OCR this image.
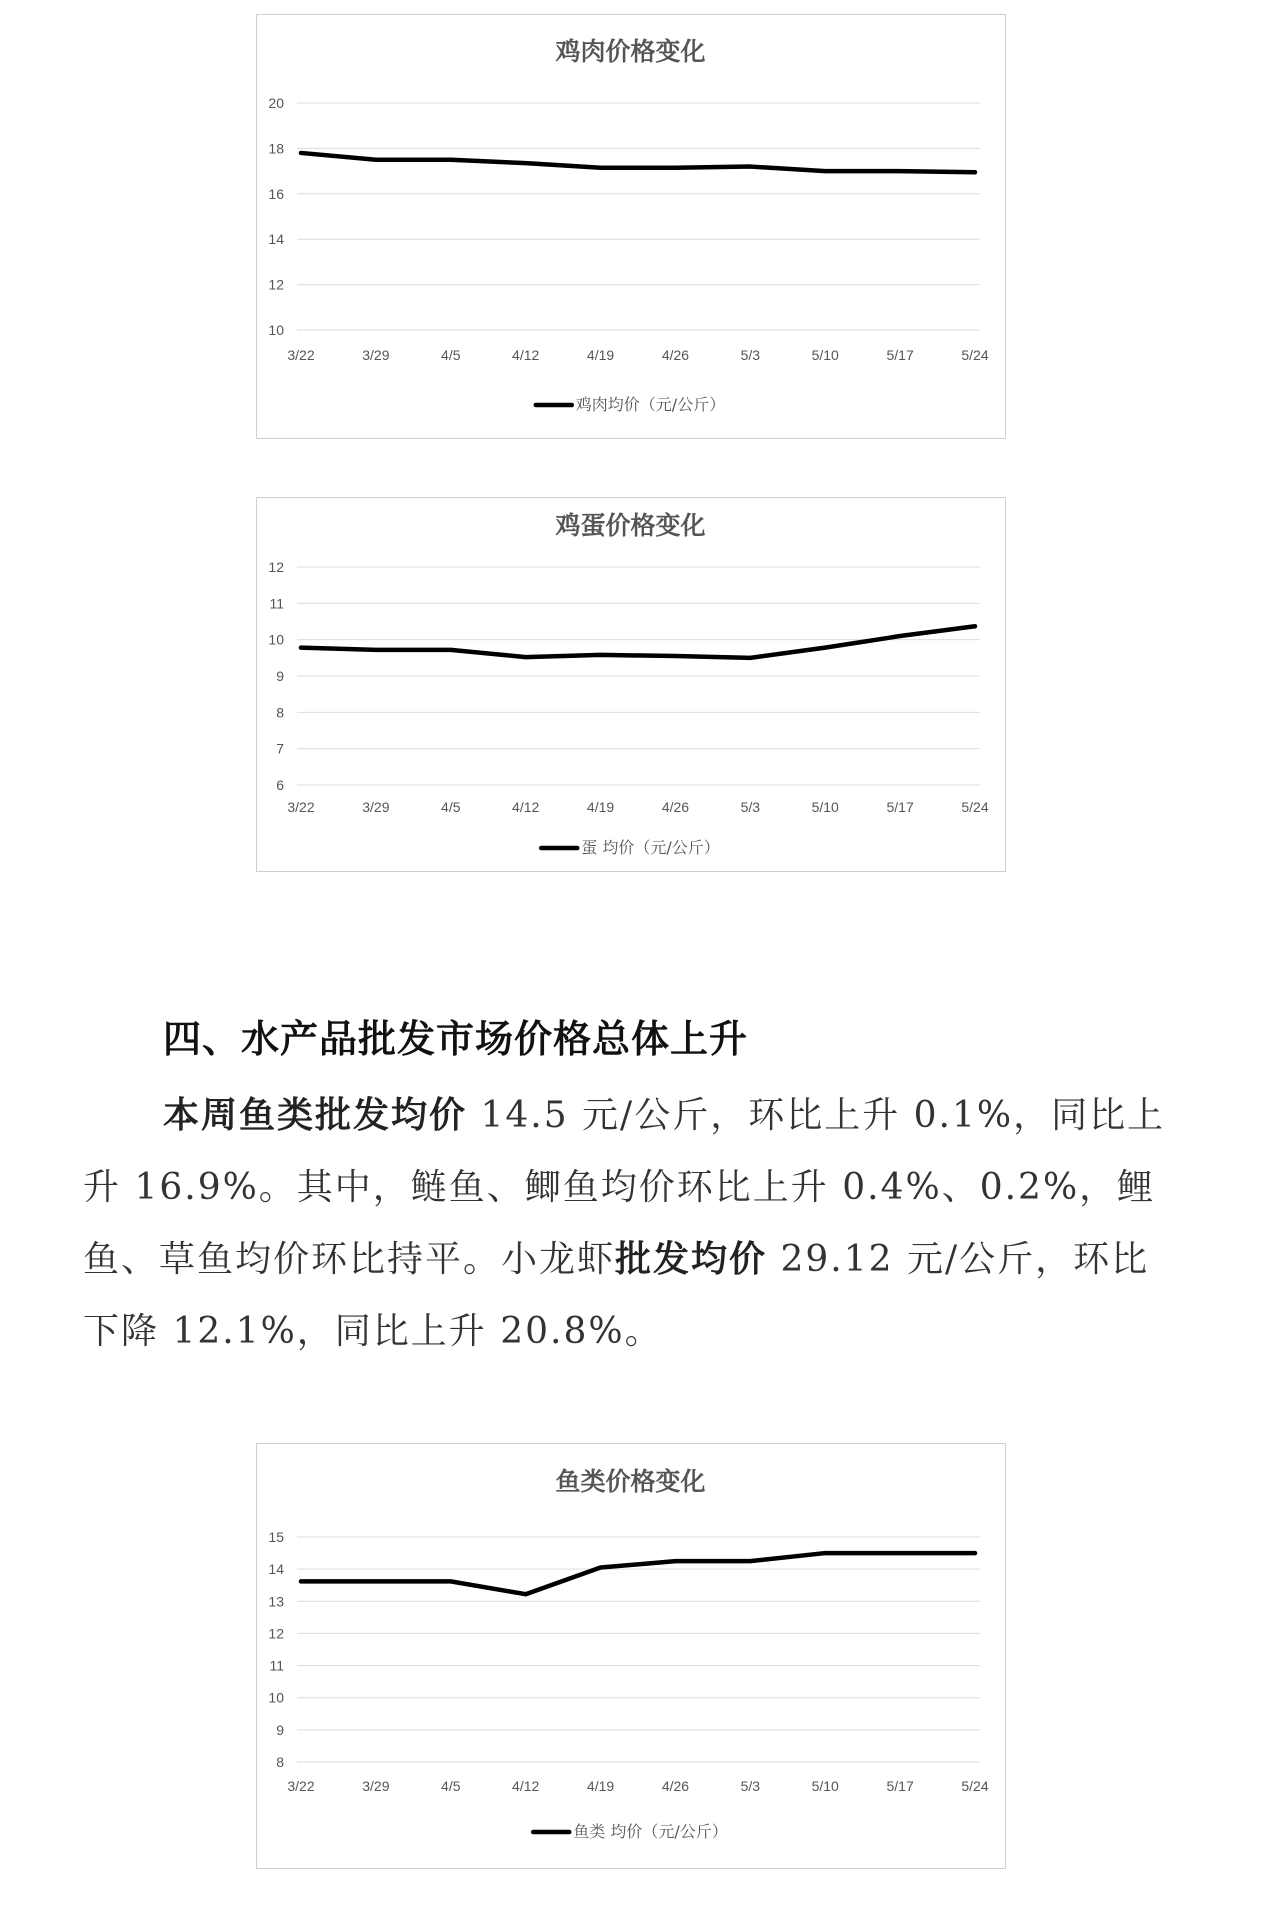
鸡肉价格变化
10
12
14
16
18
20
3/22	3/29	4/5	4/12	4/19	4/26	5/3	5/10	5/17	5/24
鸡肉均价（元/公斤）
鸡蛋价格变化
6
7
8
9
10
11
12
3/22	3/29	4/5	4/12	4/19	4/26	5/3	5/10	5/17	5/24
蛋 均价（元/公斤）
四、水产品批发市场价格总体上升

本周鱼类批发均价 14.5 元/公斤，环比上升 0.1%，同比上升 16.9%。其中，鲢鱼、鲫鱼均价环比上升 0.4%、0.2%，鲤鱼、草鱼均价环比持平。小龙虾批发均价 29.12 元/公斤，环比下降 12.1%，同比上升 20.8%。

鱼类价格变化
8
9
10
11
12
13
14
15
3/22	3/29	4/5	4/12	4/19	4/26	5/3	5/10	5/17	5/24
鱼类 均价（元/公斤）
